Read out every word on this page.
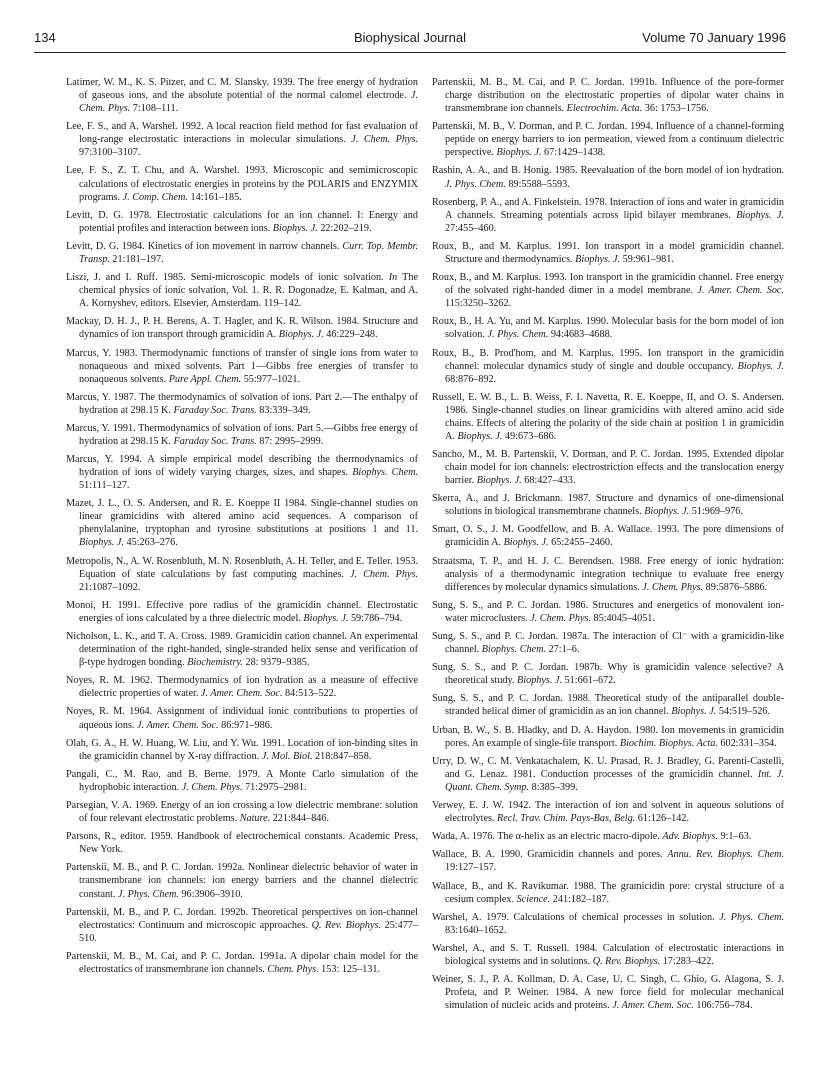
134	Biophysical Journal	Volume 70 January 1996

Latimer, W. M., K. S. Pitzer, and C. M. Slansky. 1939. The free energy of hydration of gaseous ions, and the absolute potential of the normal calomel electrode. J. Chem. Phys. 7:108–111.

Lee, F. S., and A. Warshel. 1992. A local reaction field method for fast evaluation of long-range electrostatic interactions in molecular simulations. J. Chem. Phys. 97:3100–3107.

Lee, F. S., Z. T. Chu, and A. Warshel. 1993. Microscopic and semimicroscopic calculations of electrostatic energies in proteins by the POLARIS and ENZYMIX programs. J. Comp. Chem. 14:161–185.

Levitt, D. G. 1978. Electrostatic calculations for an ion channel. I: Energy and potential profiles and interaction between ions. Biophys. J. 22:202–219.

Levitt, D. G. 1984. Kinetics of ion movement in narrow channels. Curr. Top. Membr. Transp. 21:181–197.

Liszi, J. and I. Ruff. 1985. Semi-microscopic models of ionic solvation. In The chemical physics of ionic solvation, Vol. 1. R. R. Dogonadze, E. Kalman, and A. A. Kornyshev, editors. Elsevier, Amsterdam. 119–142.

Mackay, D. H. J., P. H. Berens, A. T. Hagler, and K. R. Wilson. 1984. Structure and dynamics of ion transport through gramicidin A. Biophys. J. 46:229–248.

Marcus, Y. 1983. Thermodynamic functions of transfer of single ions from water to nonaqueous and mixed solvents. Part 1—Gibbs free energies of transfer to nonaqueous solvents. Pure Appl. Chem. 55:977–1021.

Marcus, Y. 1987. The thermodynamics of solvation of ions. Part 2.—The enthalpy of hydration at 298.15 K. Faraday Soc. Trans. 83:339–349.

Marcus, Y. 1991. Thermodynamics of solvation of ions. Part 5.—Gibbs free energy of hydration at 298.15 K. Faraday Soc. Trans. 87: 2995–2999.

Marcus, Y. 1994. A simple empirical model describing the thermodynamics of hydration of ions of widely varying charges, sizes, and shapes. Biophys. Chem. 51:111–127.

Mazet, J. L., O. S. Andersen, and R. E. Koeppe II 1984. Single-channel studies on linear gramicidins with altered amino acid sequences. A comparison of phenylalanine, tryptophan and tyrosine substitutions at positions 1 and 11. Biophys. J. 45:263–276.

Metropolis, N., A. W. Rosenbluth, M. N. Rosenbluth, A. H. Teller, and E. Teller. 1953. Equation of state calculations by fast computing machines. J. Chem. Phys. 21:1087–1092.

Monoi, H. 1991. Effective pore radius of the gramicidin channel. Electrostatic energies of ions calculated by a three dielectric model. Biophys. J. 59:786–794.

Nicholson, L. K., and T. A. Cross. 1989. Gramicidin cation channel. An experimental determination of the right-handed, single-stranded helix sense and verification of β-type hydrogen bonding. Biochemistry. 28: 9379–9385.

Noyes, R. M. 1962. Thermodynamics of ion hydration as a measure of effective dielectric properties of water. J. Amer. Chem. Soc. 84:513–522.

Noyes, R. M. 1964. Assignment of individual ionic contributions to properties of aqueous ions. J. Amer. Chem. Soc. 86:971–986.

Olah, G. A., H. W. Huang, W. Liu, and Y. Wu. 1991. Location of ion-binding sites in the gramicidin channel by X-ray diffraction. J. Mol. Biol. 218:847–858.

Pangali, C., M. Rao, and B. Berne. 1979. A Monte Carlo simulation of the hydrophobic interaction. J. Chem. Phys. 71:2975–2981.

Parsegian, V. A. 1969. Energy of an ion crossing a low dielectric membrane: solution of four relevant electrostatic problems. Nature. 221:844–846.

Parsons, R., editor. 1959. Handbook of electrochemical constants. Academic Press, New York.

Partenskii, M. B., and P. C. Jordan. 1992a. Nonlinear dielectric behavior of water in transmembrane ion channels: ion energy barriers and the channel dielectric constant. J. Phys. Chem. 96:3906–3910.

Partenskii, M. B., and P. C. Jordan. 1992b. Theoretical perspectives on ion-channel electrostatics: Continuum and microscopic approaches. Q. Rev. Biophys. 25:477–510.

Partenskii, M. B., M. Cai, and P. C. Jordan. 1991a. A dipolar chain model for the electrostatics of transmembrane ion channels. Chem. Phys. 153: 125–131.

Partenskii, M. B., M. Cai, and P. C. Jordan. 1991b. Influence of the pore-former charge distribution on the electrostatic properties of dipolar water chains in transmembrane ion channels. Electrochim. Acta. 36: 1753–1756.

Partenskii, M. B., V. Dorman, and P. C. Jordan. 1994. Influence of a channel-forming peptide on energy barriers to ion permeation, viewed from a continuum dielectric perspective. Biophys. J. 67:1429–1438.

Rashin, A. A., and B. Honig. 1985. Reevaluation of the born model of ion hydration. J. Phys. Chem. 89:5588–5593.

Rosenberg, P. A., and A. Finkelstein. 1978. Interaction of ions and water in gramicidin A channels. Streaming potentials across lipid bilayer membranes. Biophys. J. 27:455–460.

Roux, B., and M. Karplus. 1991. Ion transport in a model gramicidin channel. Structure and thermodynamics. Biophys. J. 59:961–981.

Roux, B., and M. Karplus. 1993. Ion transport in the gramicidin channel. Free energy of the solvated right-handed dimer in a model membrane. J. Amer. Chem. Soc. 115:3250–3262.

Roux, B., H. A. Yu, and M. Karplus. 1990. Molecular basis for the born model of ion solvation. J. Phys. Chem. 94:4683–4688.

Roux, B., B. Prod'hom, and M. Karplus. 1995. Ion transport in the gramicidin channel: molecular dynamics study of single and double occupancy. Biophys. J. 68:876–892.

Russell, E. W. B., L. B. Weiss, F. I. Navetta, R. E. Koeppe, II, and O. S. Andersen. 1986. Single-channel studies on linear gramicidins with altered amino acid side chains. Effects of altering the polarity of the side chain at position 1 in gramicidin A. Biophys. J. 49:673–686.

Sancho, M., M. B. Partenskii, V. Dorman, and P. C. Jordan. 1995. Extended dipolar chain model for ion channels: electrostriction effects and the translocation energy barrier. Biophys. J. 68:427–433.

Skerra, A., and J. Brickmann. 1987. Structure and dynamics of one-dimensional solutions in biological transmembrane channels. Biophys. J. 51:969–976.

Smart, O. S., J. M. Goodfellow, and B. A. Wallace. 1993. The pore dimensions of gramicidin A. Biophys. J. 65:2455–2460.

Straatsma, T. P., and H. J. C. Berendsen. 1988. Free energy of ionic hydration: analysis of a thermodynamic integration technique to evaluate free energy differences by molecular dynamics simulations. J. Chem. Phys. 89:5876–5886.

Sung, S. S., and P. C. Jordan. 1986. Structures and energetics of monovalent ion-water microclusters. J. Chem. Phys. 85:4045–4051.

Sung, S. S., and P. C. Jordan. 1987a. The interaction of Cl⁻ with a gramicidin-like channel. Biophys. Chem. 27:1–6.

Sung, S. S., and P. C. Jordan. 1987b. Why is gramicidin valence selective? A theoretical study. Biophys. J. 51:661–672.

Sung, S. S., and P. C. Jordan. 1988. Theoretical study of the antiparallel double-stranded helical dimer of gramicidin as an ion channel. Biophys. J. 54:519–526.

Urban, B. W., S. B. Hladky, and D. A. Haydon. 1980. Ion movements in gramicidin pores. An example of single-file transport. Biochim. Biophys. Acta. 602:331–354.

Urry, D. W., C. M. Venkatachalem, K. U. Prasad, R. J. Bradley, G. Parenti-Castelli, and G. Lenaz. 1981. Conduction processes of the gramicidin channel. Int. J. Quant. Chem. Symp. 8:385–399.

Verwey, E. J. W. 1942. The interaction of ion and solvent in aqueous solutions of electrolytes. Recl. Trav. Chim. Pays-Bas, Belg. 61:126–142.

Wada, A. 1976. The α-helix as an electric macro-dipole. Adv. Biophys. 9:1–63.

Wallace, B. A. 1990. Gramicidin channels and pores. Annu. Rev. Biophys. Chem. 19:127–157.

Wallace, B., and K. Ravikumar. 1988. The gramicidin pore: crystal structure of a cesium complex. Science. 241:182–187.

Warshel, A. 1979. Calculations of chemical processes in solution. J. Phys. Chem. 83:1640–1652.

Warshel, A., and S. T. Russell. 1984. Calculation of electrostatic interactions in biological systems and in solutions. Q. Rev. Biophys. 17:283–422.

Weiner, S. J., P. A. Kollman, D. A. Case, U. C. Singh, C. Ghio, G. Alagona, S. J. Profeta, and P. Weiner. 1984. A new force field for molecular mechanical simulation of nucleic acids and proteins. J. Amer. Chem. Soc. 106:756–784.
